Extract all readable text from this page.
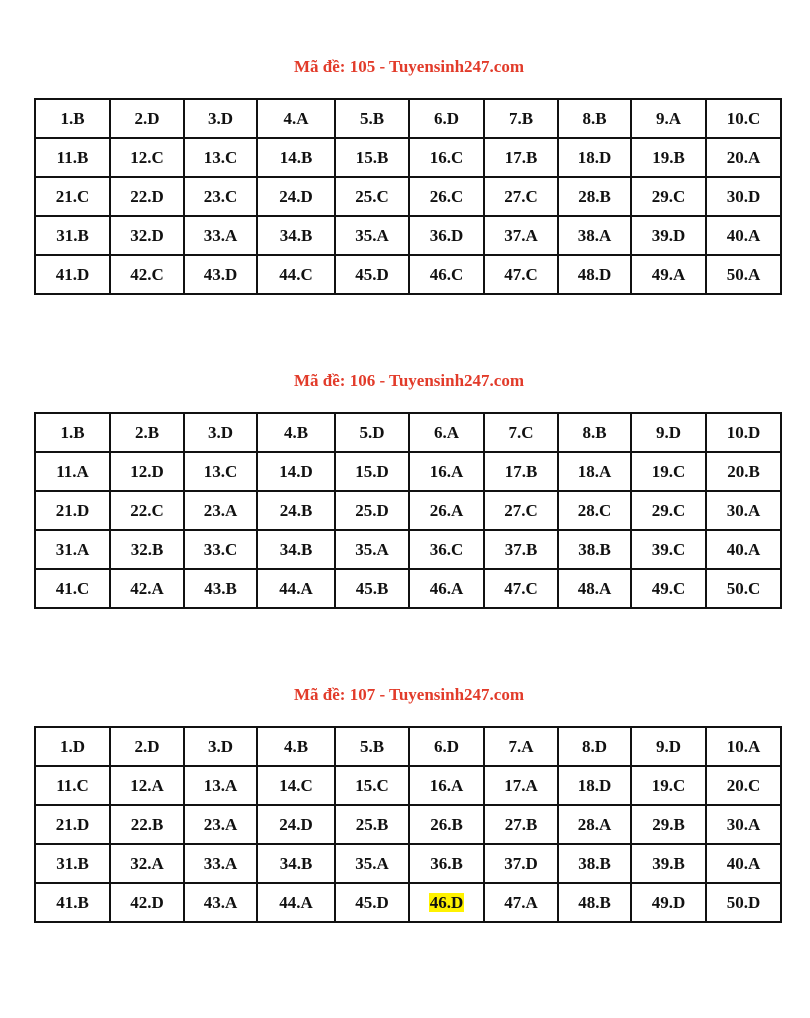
Mã đề: 105 - Tuyensinh247.com
1.B	2.D	3.D	4.A	5.B	6.D	7.B	8.B	9.A	10.C
11.B	12.C	13.C	14.B	15.B	16.C	17.B	18.D	19.B	20.A
21.C	22.D	23.C	24.D	25.C	26.C	27.C	28.B	29.C	30.D
31.B	32.D	33.A	34.B	35.A	36.D	37.A	38.A	39.D	40.A
41.D	42.C	43.D	44.C	45.D	46.C	47.C	48.D	49.A	50.A
Mã đề: 106 - Tuyensinh247.com
1.B	2.B	3.D	4.B	5.D	6.A	7.C	8.B	9.D	10.D
11.A	12.D	13.C	14.D	15.D	16.A	17.B	18.A	19.C	20.B
21.D	22.C	23.A	24.B	25.D	26.A	27.C	28.C	29.C	30.A
31.A	32.B	33.C	34.B	35.A	36.C	37.B	38.B	39.C	40.A
41.C	42.A	43.B	44.A	45.B	46.A	47.C	48.A	49.C	50.C
Mã đề: 107 - Tuyensinh247.com
1.D	2.D	3.D	4.B	5.B	6.D	7.A	8.D	9.D	10.A
11.C	12.A	13.A	14.C	15.C	16.A	17.A	18.D	19.C	20.C
21.D	22.B	23.A	24.D	25.B	26.B	27.B	28.A	29.B	30.A
31.B	32.A	33.A	34.B	35.A	36.B	37.D	38.B	39.B	40.A
41.B	42.D	43.A	44.A	45.D	46.D	47.A	48.B	49.D	50.D
